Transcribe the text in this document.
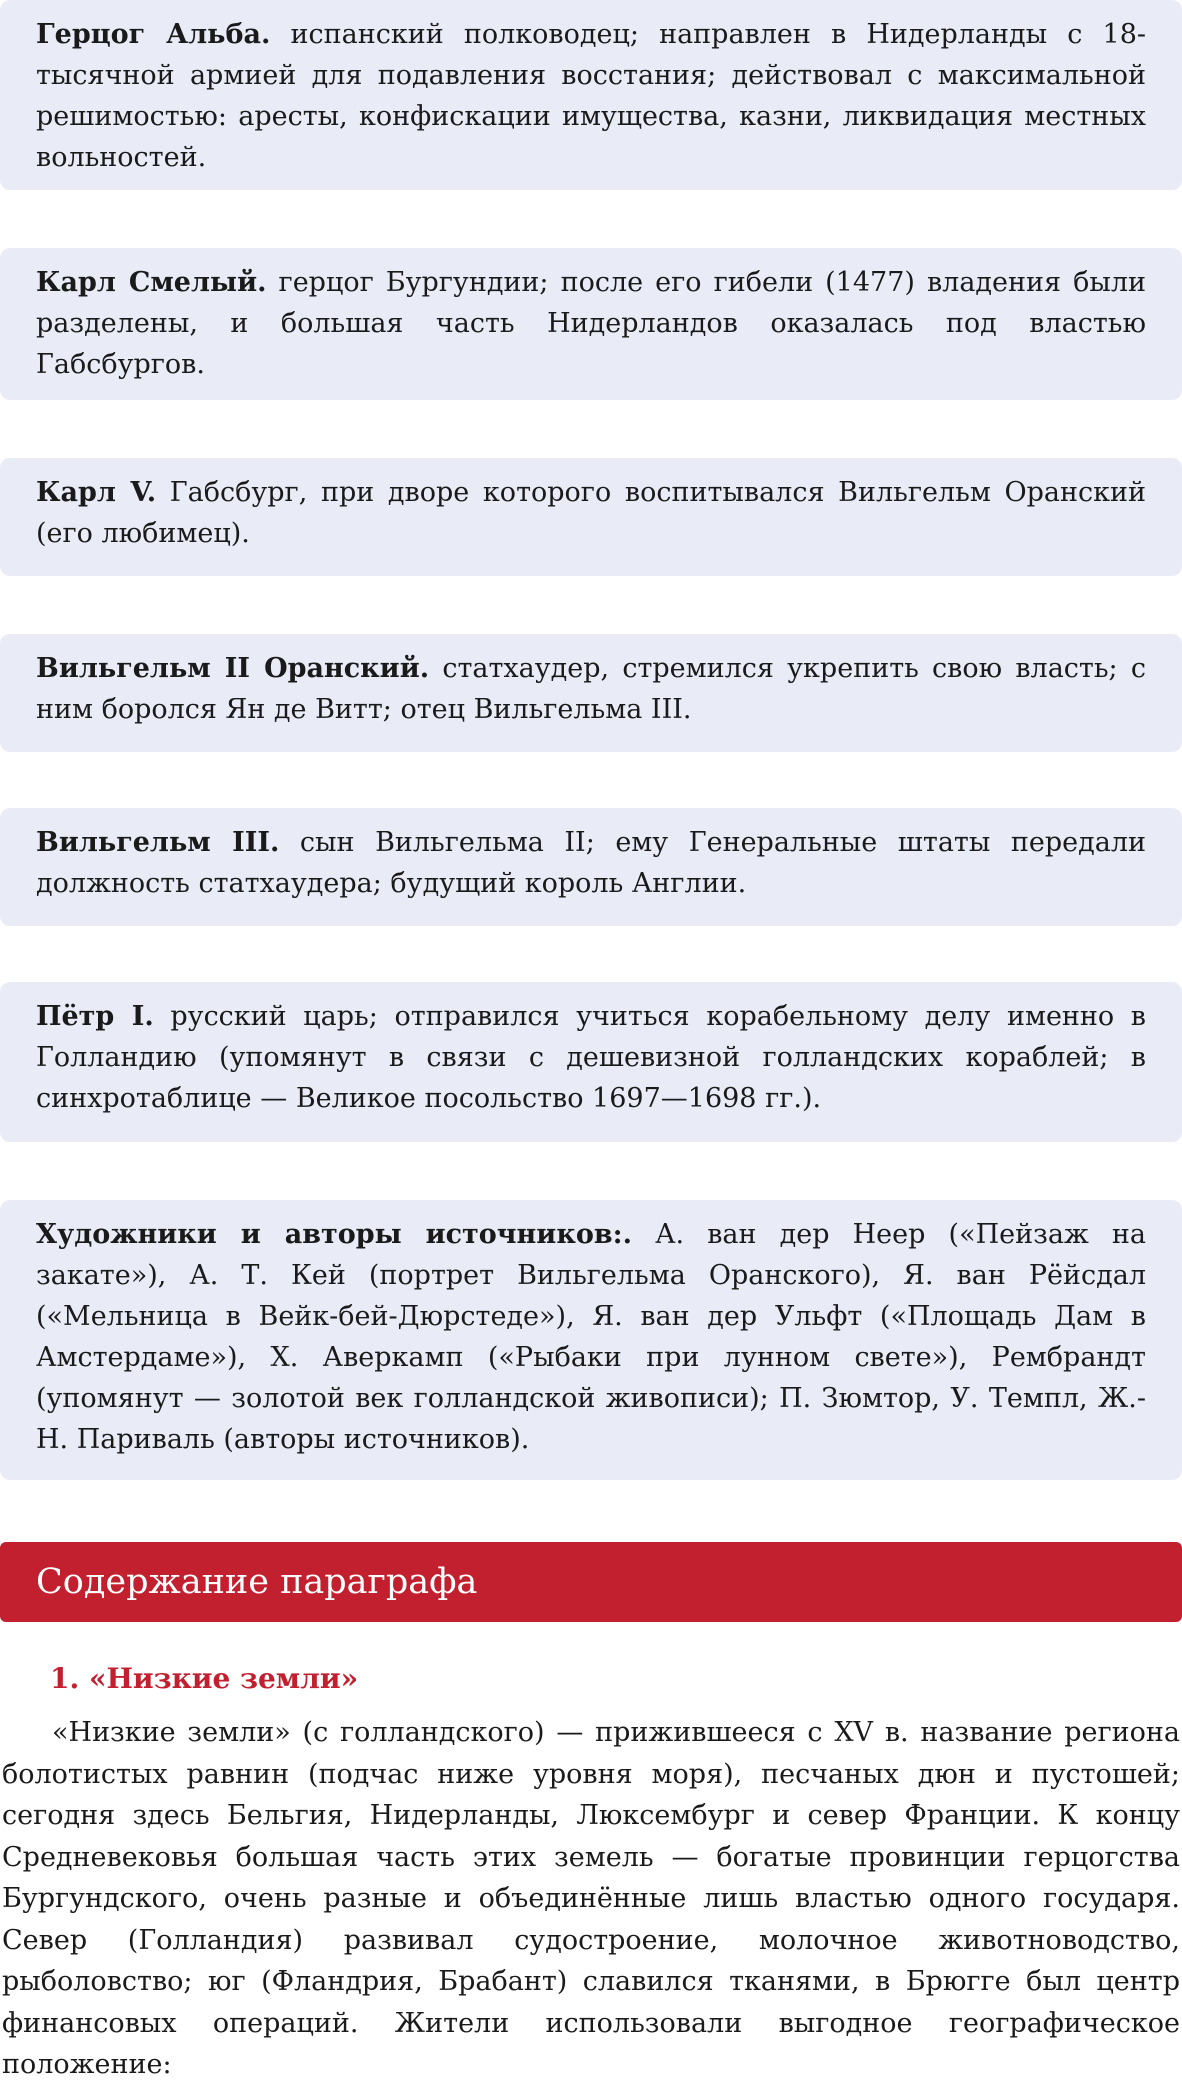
Герцог Альба. испанский полководец; направлен в Нидерланды с 18-тысячной армией для подавления восстания; действовал с максимальной решимостью: аресты, конфискации имущества, казни, ликвидация местных вольностей.

Карл Смелый. герцог Бургундии; после его гибели (1477) владения были разделены, и большая часть Нидерландов оказалась под властью Габсбургов.

Карл V. Габсбург, при дворе которого воспитывался Вильгельм Оранский (его любимец).

Вильгельм II Оранский. статхаудер, стремился укрепить свою власть; с ним боролся Ян де Витт; отец Вильгельма III.

Вильгельм III. сын Вильгельма II; ему Генеральные штаты передали должность статхаудера; будущий король Англии.

Пётр I. русский царь; отправился учиться корабельному делу именно в Голландию (упомянут в связи с дешевизной голландских кораблей; в синхротаблице — Великое посольство 1697—1698 гг.).

Художники и авторы источников:. А. ван дер Неер («Пейзаж на закате»), А. Т. Кей (портрет Вильгельма Оранского), Я. ван Рёйсдал («Мельница в Вейк-бей-Дюрстеде»), Я. ван дер Ульфт («Площадь Дам в Амстердаме»), Х. Аверкамп («Рыбаки при лунном свете»), Рембрандт (упомянут — золотой век голландской живописи); П. Зюмтор, У. Темпл, Ж.-Н. Париваль (авторы источников).

Содержание параграфа
1. «Низкие земли»

«Низкие земли» (с голландского) — прижившееся с XV в. название региона болотистых равнин (подчас ниже уровня моря), песчаных дюн и пустошей; сегодня здесь Бельгия, Нидерланды, Люксембург и север Франции. К концу Средневековья большая часть этих земель — богатые провинции герцогства Бургундского, очень разные и объединённые лишь властью одного государя. Север (Голландия) развивал судостроение, молочное животноводство, рыболовство; юг (Фландрия, Брабант) славился тканями, в Брюгге был центр финансовых операций. Жители использовали выгодное географическое положение:
